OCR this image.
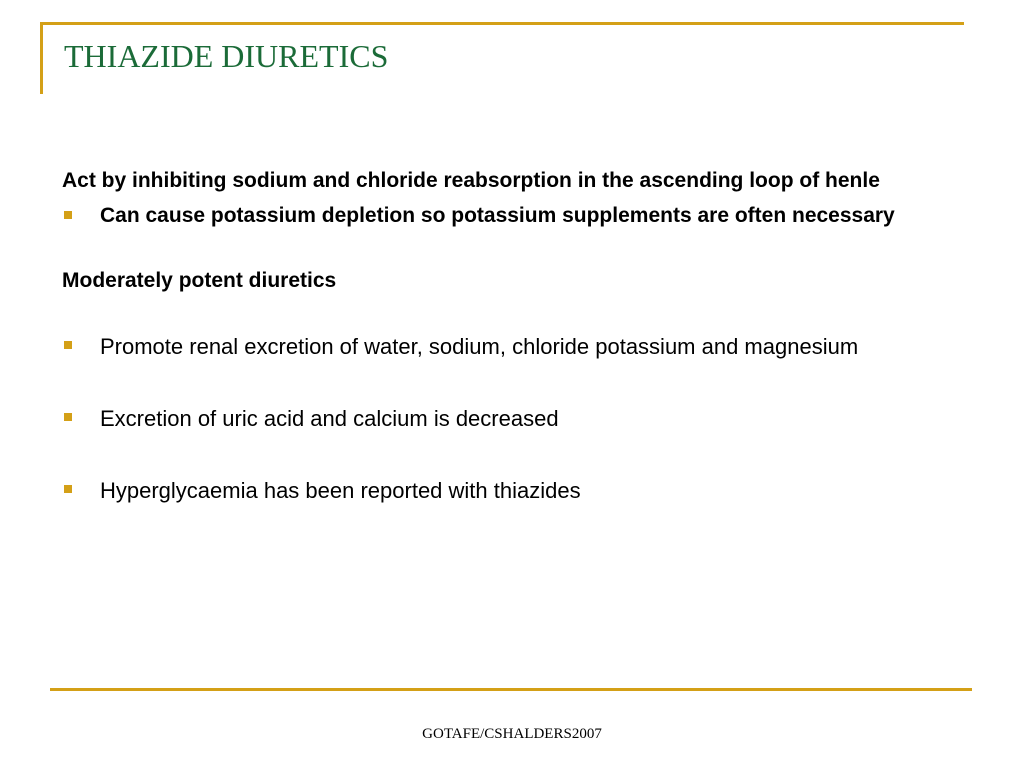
THIAZIDE DIURETICS
Act by inhibiting sodium and chloride reabsorption in the ascending loop of henle
Can cause potassium depletion so potassium supplements are often necessary
Moderately potent diuretics
Promote renal excretion of water, sodium, chloride potassium and magnesium
Excretion of uric acid and calcium is decreased
Hyperglycaemia has been reported with thiazides
GOTAFE/CSHALDERS2007
